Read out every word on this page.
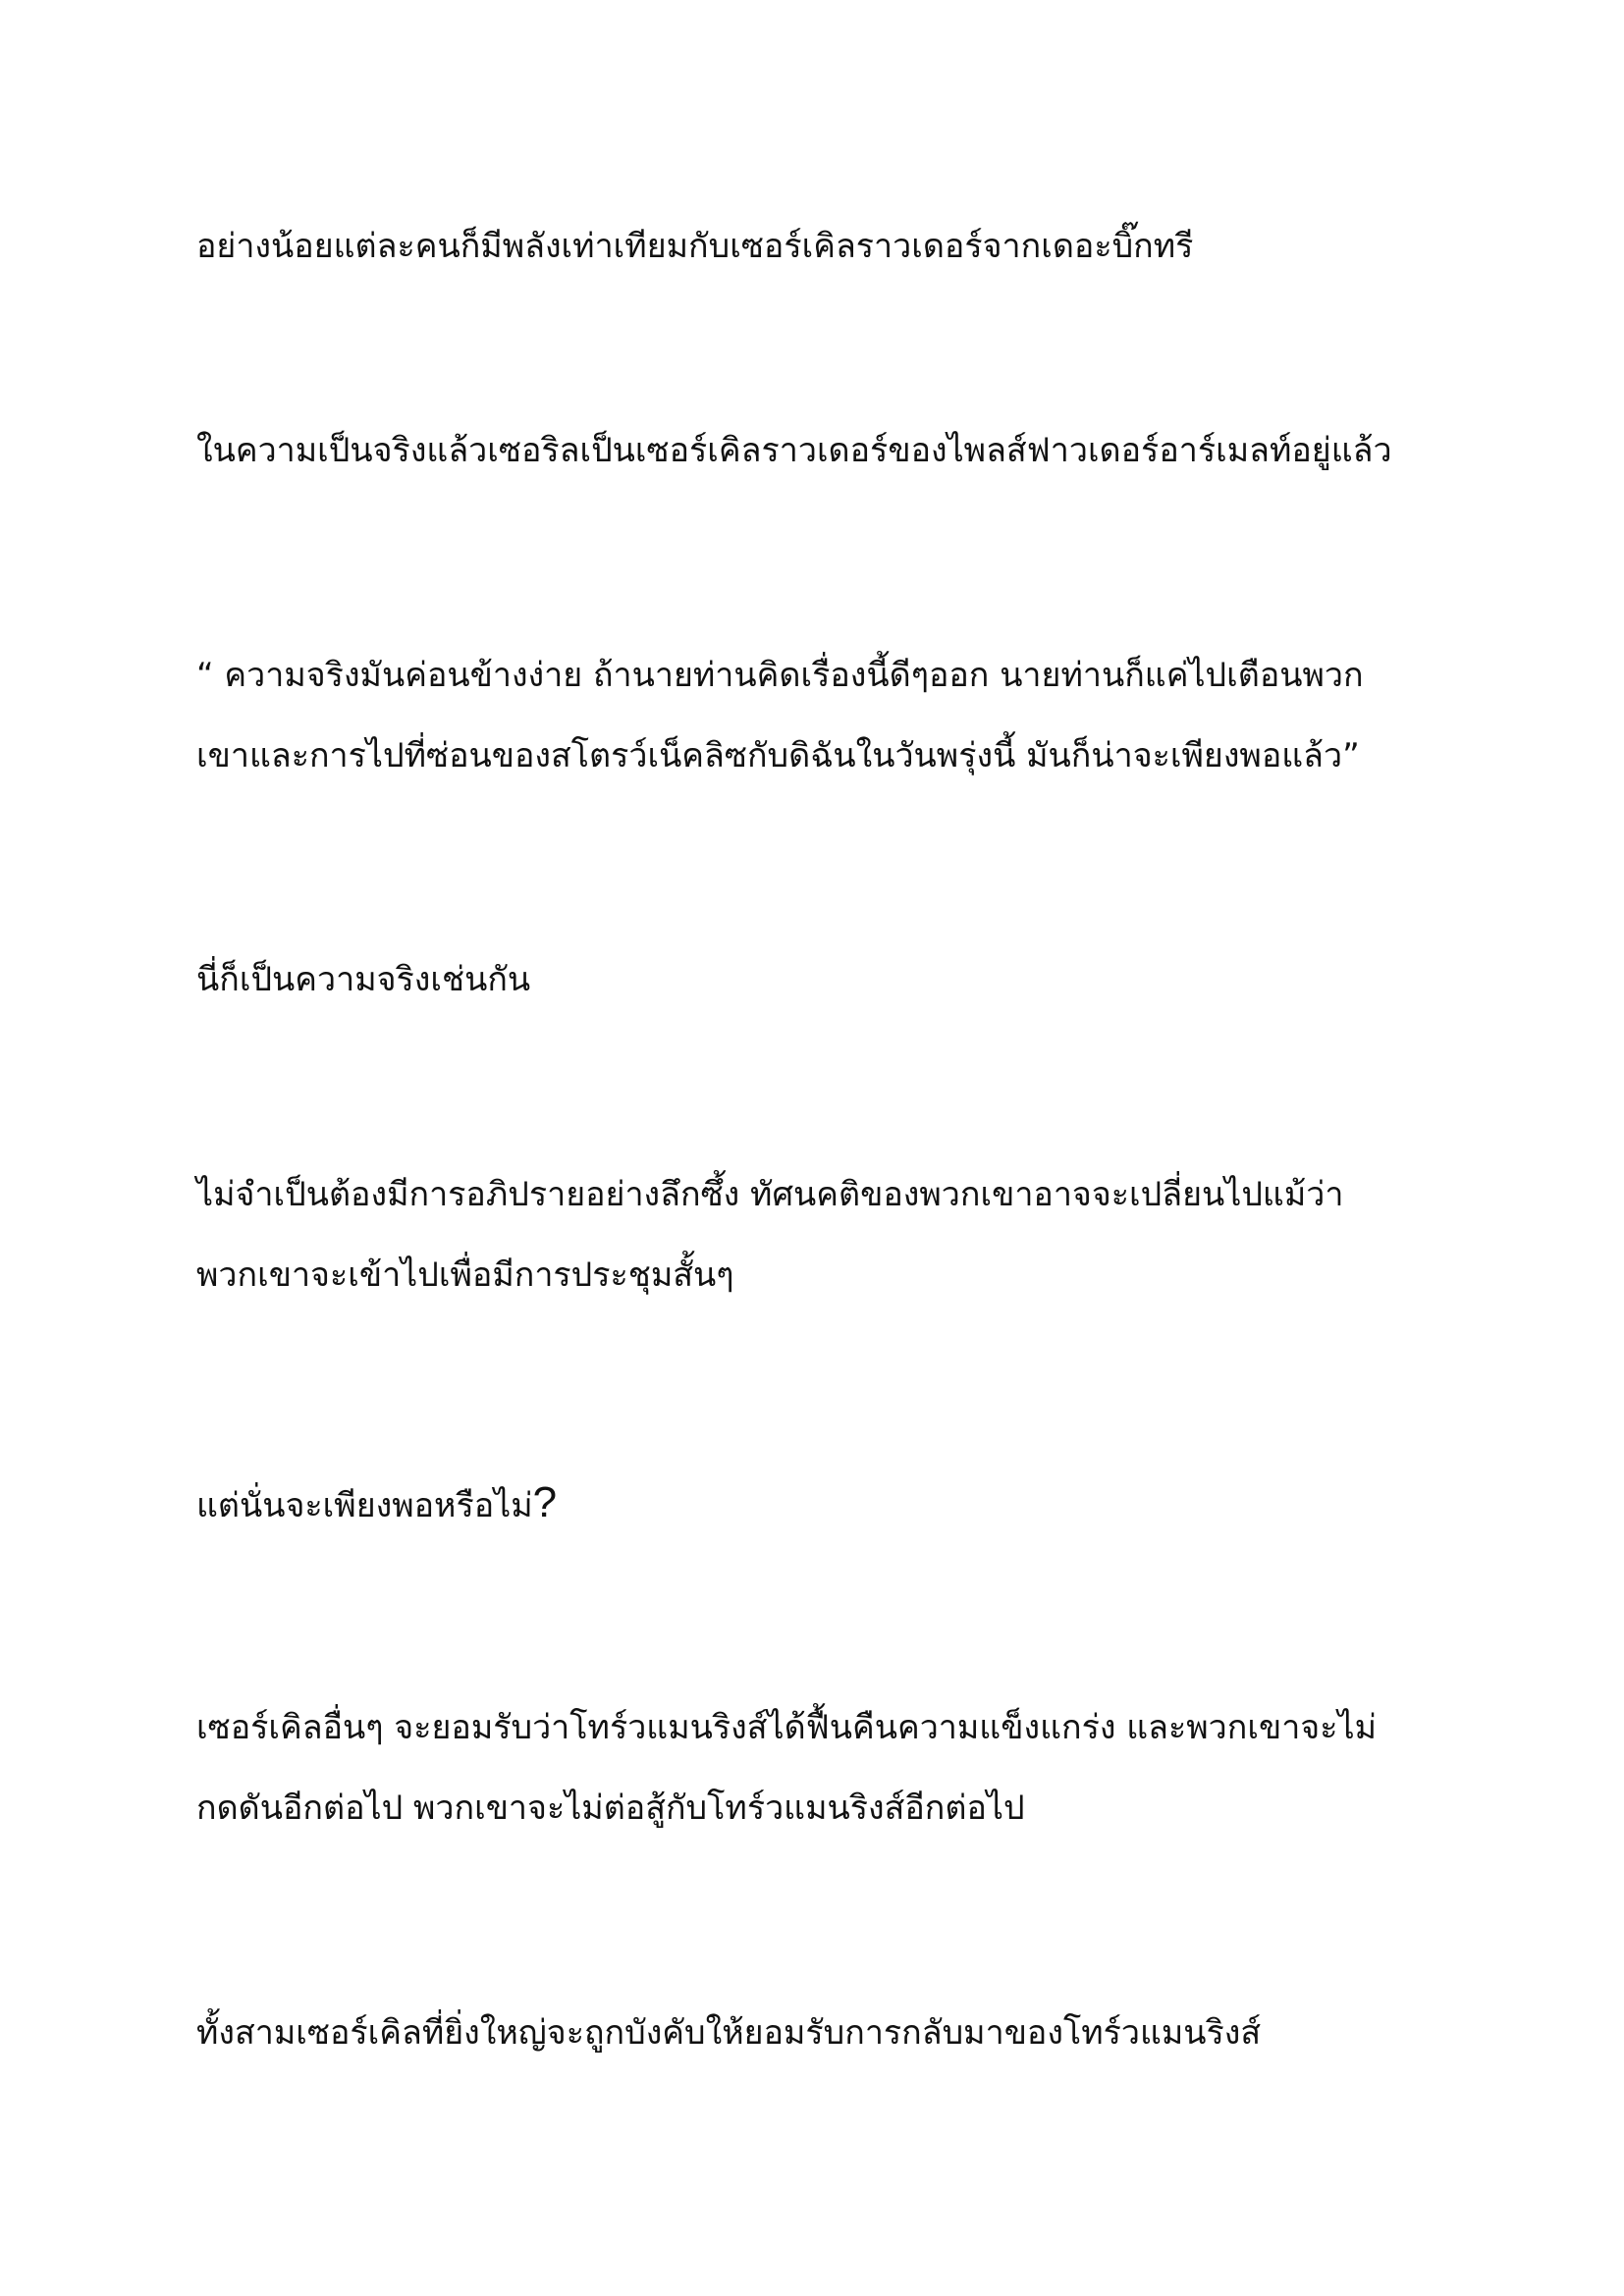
อย่างน้อยแต่ละคนก็มีพลังเท่าเทียมกับเซอร์เคิลราวเดอร์จากเดอะบิ๊กทรี

ในความเป็นจริงแล้วเซอริลเป็นเซอร์เคิลราวเดอร์ของไพลส์ฟาวเดอร์อาร์เมลท์อยู่แล้ว

“ ความจริงมันค่อนข้างง่าย ถ้านายท่านคิดเรื่องนี้ดีๆออก นายท่านก็แค่ไปเตือนพวก
เขาและการไปที่ซ่อนของสโตรว์เน็คลิซกับดิฉันในวันพรุ่งนี้ มันก็น่าจะเพียงพอแล้ว”

นี่ก็เป็นความจริงเช่นกัน

ไม่จำเป็นต้องมีการอภิปรายอย่างลึกซึ้ง ทัศนคติของพวกเขาอาจจะเปลี่ยนไปแม้ว่า
พวกเขาจะเข้าไปเพื่อมีการประชุมสั้นๆ

แต่นั่นจะเพียงพอหรือไม่?

เซอร์เคิลอื่นๆ จะยอมรับว่าโทร์วแมนริงส์ได้ฟื้นคืนความแข็งแกร่ง และพวกเขาจะไม่
กดดันอีกต่อไป พวกเขาจะไม่ต่อสู้กับโทร์วแมนริงส์อีกต่อไป

ทั้งสามเซอร์เคิลที่ยิ่งใหญ่จะถูกบังคับให้ยอมรับการกลับมาของโทร์วแมนริงส์
